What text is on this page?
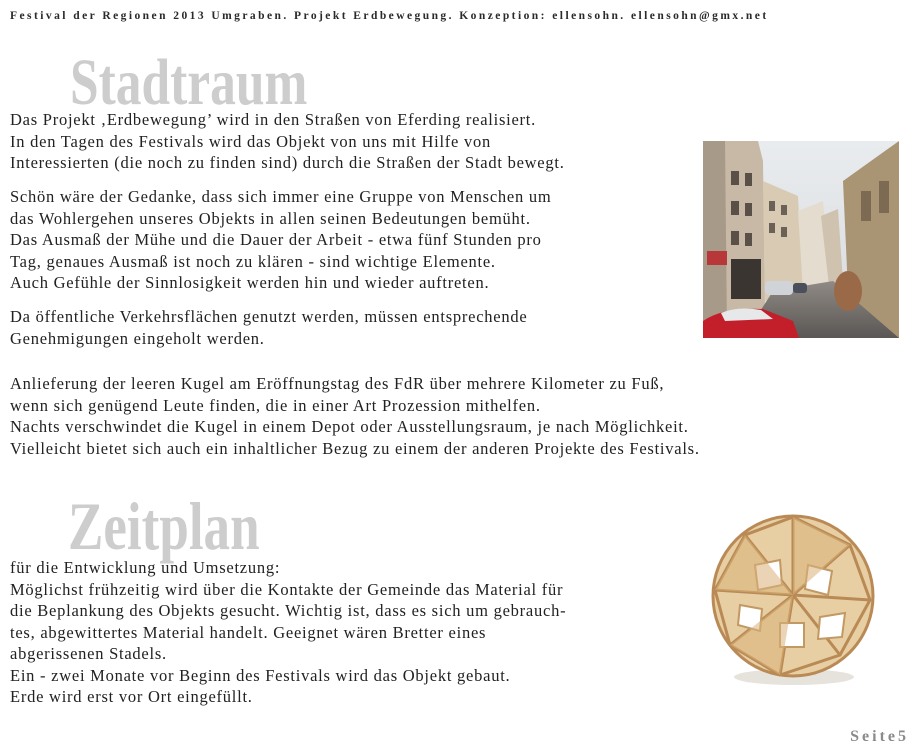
Festival der Regionen 2013 Umgraben. Projekt Erdbewegung. Konzeption: ellensohn. ellensohn@gmx.net
Stadtraum
Das Projekt ‚Erdbewegung’ wird in den Straßen von Eferding realisiert.
In den Tagen des Festivals wird das Objekt von uns mit Hilfe von
Interessierten (die noch zu finden sind) durch die Straßen der Stadt bewegt.
Schön wäre der Gedanke, dass sich immer eine Gruppe von Menschen um
das Wohlergehen unseres Objekts in allen seinen Bedeutungen bemüht.
Das Ausmaß der Mühe und die Dauer der Arbeit - etwa fünf Stunden pro
Tag, genaues Ausmaß ist noch zu klären - sind wichtige Elemente.
Auch Gefühle der Sinnlosigkeit werden hin und wieder auftreten.
Da öffentliche Verkehrsflächen genutzt werden, müssen entsprechende
Genehmigungen eingeholt werden.
Anlieferung der leeren Kugel am Eröffnungstag des FdR über mehrere Kilometer zu Fuß,
wenn sich genügend Leute finden, die in einer Art Prozession mithelfen.
Nachts verschwindet die Kugel in einem Depot oder Ausstellungsraum, je nach Möglichkeit.
Vielleicht bietet sich auch ein inhaltlicher Bezug zu einem der anderen Projekte des Festivals.
Zeitplan
für die Entwicklung und Umsetzung:
Möglichst frühzeitig wird über die Kontakte der Gemeinde das Material für
die Beplankung des Objekts gesucht. Wichtig ist, dass es sich um gebrauch-
tes, abgewittertes Material handelt. Geeignet wären Bretter eines
abgerissenen Stadels.
Ein - zwei Monate vor Beginn des Festivals wird das Objekt gebaut.
Erde wird erst vor Ort eingefüllt.
Seite5
